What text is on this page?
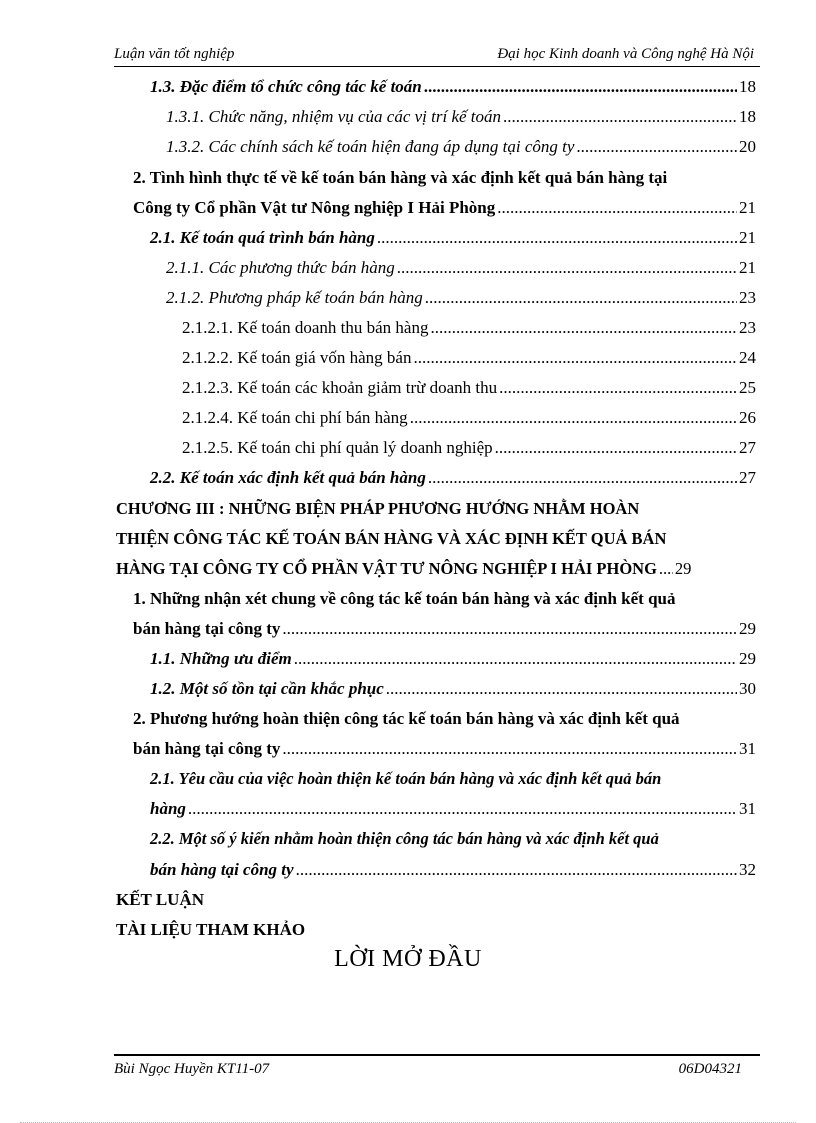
Luận văn tốt nghiệp	Đại học Kinh doanh và Công nghệ Hà Nội
1.3. Đặc điểm tổ chức công tác kế toán .....	18
1.3.1. Chức năng, nhiệm vụ của các vị trí kế toán .....	18
1.3.2. Các chính sách kế toán hiện đang áp dụng tại công ty .....	20
2. Tình hình thực tế về kế toán bán hàng và xác định kết quả bán hàng tại
Công ty Cổ phần Vật tư Nông nghiệp I Hải Phòng .....	21
2.1. Kế toán quá trình bán hàng .....	21
2.1.1. Các phương thức bán hàng .....	21
2.1.2. Phương pháp kế toán bán hàng .....	23
2.1.2.1. Kế toán doanh thu bán hàng .....	23
2.1.2.2. Kế toán giá vốn hàng bán .....	24
2.1.2.3. Kế toán các khoản giảm trừ doanh thu .....	25
2.1.2.4. Kế toán chi phí bán hàng .....	26
2.1.2.5. Kế toán chi phí quản lý doanh nghiệp .....	27
2.2. Kế toán xác định kết quả bán hàng .....	27
CHƯƠNG III : NHỮNG BIỆN PHÁP PHƯƠNG HƯỚNG NHẰM HOÀN
THIỆN CÔNG TÁC KẾ TOÁN BÁN HÀNG VÀ XÁC ĐỊNH KẾT QUẢ BÁN
HÀNG TẠI CÔNG TY CỔ PHẦN VẬT TƯ NÔNG NGHIỆP I HẢI PHÒNG ..... 29
1. Những nhận xét chung về công tác kế toán bán hàng và xác định kết quả
bán hàng tại công ty .....	29
1.1. Những ưu điểm .....	29
1.2. Một số tồn tại cần khắc phục .....	30
2. Phương hướng hoàn thiện công tác kế toán bán hàng và xác định kết quả
bán hàng tại công ty .....	31
2.1. Yêu cầu của việc hoàn thiện kế toán bán hàng và xác định kết quả bán
hàng .....	31
2.2. Một số ý kiến nhằm hoàn thiện công tác bán hàng và xác định kết quả
bán hàng tại công ty .....	32
KẾT LUẬN
TÀI LIỆU THAM KHẢO
LỜI MỞ ĐẦU
Bùi Ngọc Huyền KT11-07	06D04321
